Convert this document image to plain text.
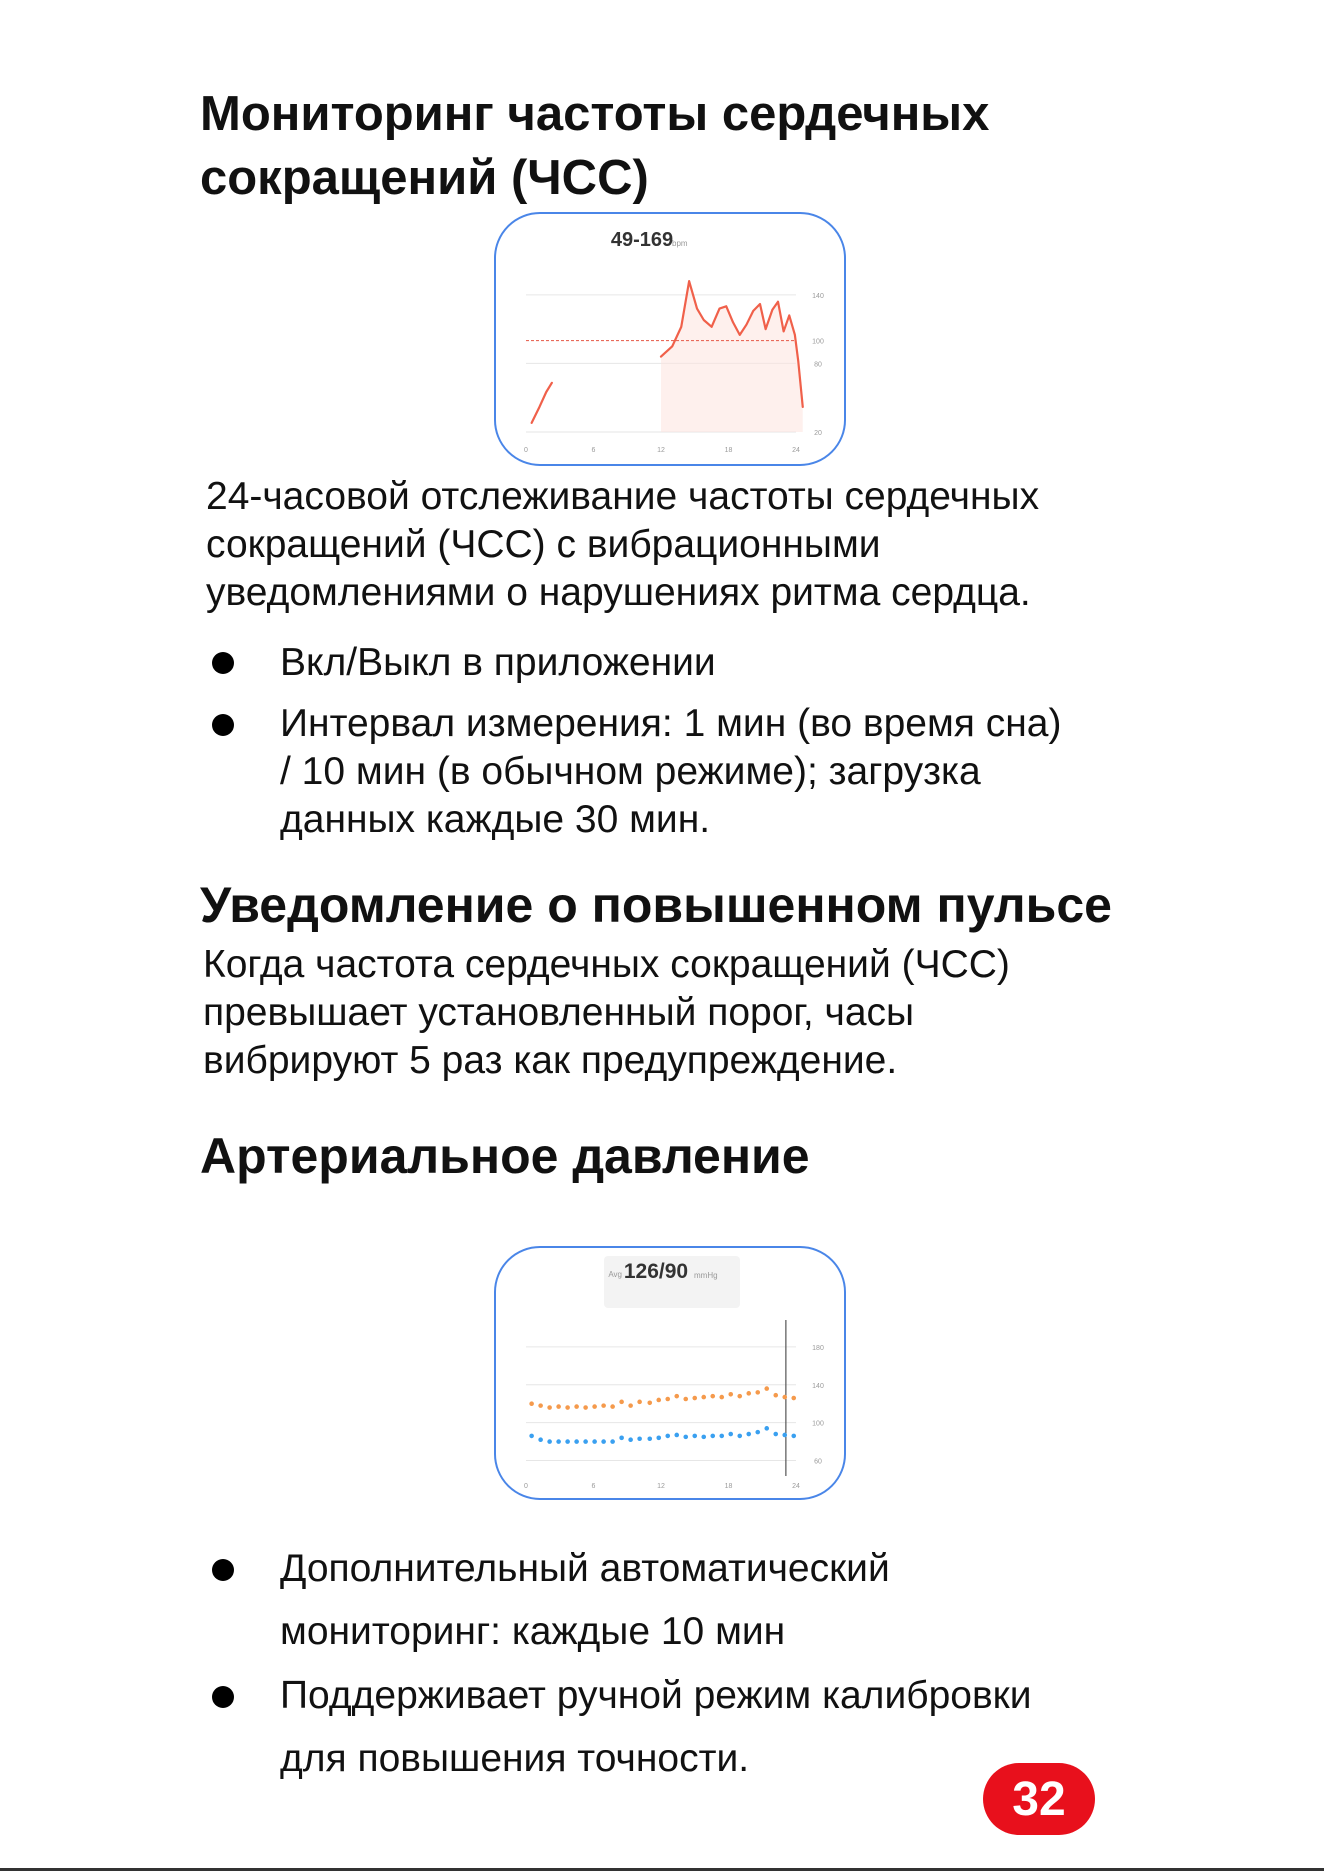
Мониторинг частоты сердечных сокращений (ЧСС)
49-169
bpm
140
100
80
20
0	6	12	18	24

24-часовой отслеживание частоты сердечных

сокращений (ЧСС) с вибрационными

уведомлениями о нарушениях ритма сердца.

Вкл/Выкл в приложении
Интервал измерения: 1 мин (во время сна)
/ 10 мин (в обычном режиме); загрузка
данных каждые 30 мин.
Уведомление о повышенном пульсе

Когда частота сердечных сокращений (ЧСС)

превышает установленный порог, часы

вибрируют 5 раз как предупреждение.

Артериальное давление
Avg 126/90 mmHg
180
140
100
60
0	6	12	18	24
Дополнительный автоматический
мониторинг: каждые 10 мин
Поддерживает ручной режим калибровки
для повышения точности.
32
